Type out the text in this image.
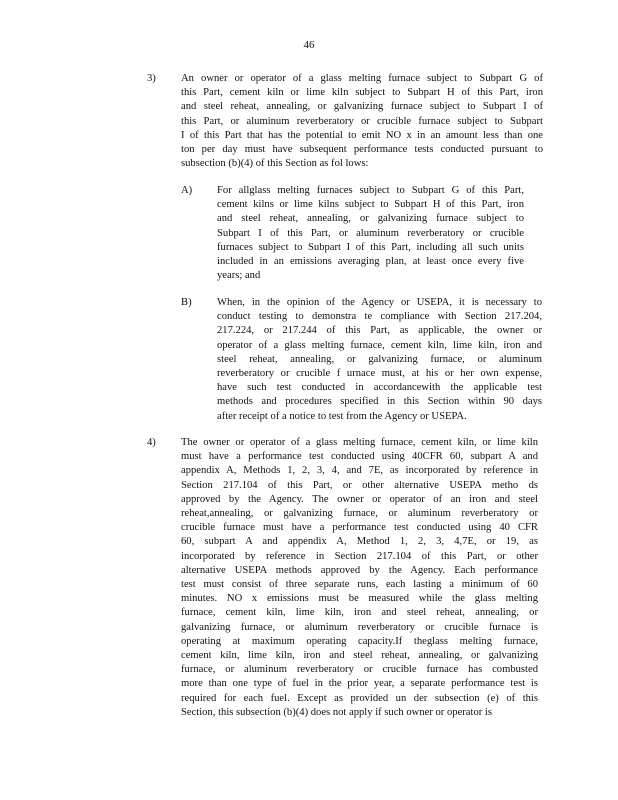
46
3) An owner or operator of a glass melting furnace subject to Subpart G of
this Part, cement kiln or lime kiln subject to Subpart H of this Part, iron
and steel reheat, annealing, or galvanizing furnace subject to Subpart I of
this Part, or aluminum reverberatory or crucible furnace subject to Subpart
I of this Part that has the potential to emit NO x in an amount less than one
ton per day must have subsequent performance tests conducted pursuant to
subsection (b)(4) of this Section as fol lows:
A) For allglass melting furnaces subject to Subpart G of this Part,
cement kilns or lime kilns subject to Subpart H of this Part, iron
and steel reheat, annealing, or galvanizing furnace subject to
Subpart I of this Part, or aluminum reverberatory or crucible
furnaces subject to Subpart I of this Part, including all such units
included in an emissions averaging plan, at least once every five
years; and
B) When, in the opinion of the Agency or USEPA, it is necessary to
conduct testing to demonstra te compliance with Section 217.204,
217.224, or 217.244 of this Part, as applicable, the owner or
operator of a glass melting furnace, cement kiln, lime kiln, iron and
steel reheat, annealing, or galvanizing furnace, or aluminum
reverberatory or crucible f urnace must, at his or her own expense,
have such test conducted in accordancewith the applicable test
methods and procedures specified in this Section within 90 days
after receipt of a notice to test from the Agency or USEPA.
4) The owner or operator of a glass melting furnace, cement kiln, or lime kiln
must have a performance test conducted using 40CFR 60, subpart A and
appendix A, Methods 1, 2, 3, 4, and 7E, as incorporated by reference in
Section 217.104 of this Part, or other alternative USEPA metho ds
approved by the Agency. The owner or operator of an iron and steel
reheat,annealing, or galvanizing furnace, or aluminum reverberatory or
crucible furnace must have a performance test conducted using 40 CFR
60, subpart A and appendix A, Method 1, 2, 3, 4,7E, or 19, as
incorporated by reference in Section 217.104 of this Part, or other
alternative USEPA methods approved by the Agency. Each performance
test must consist of three separate runs, each lasting a minimum of 60
minutes. NO x emissions must be measured while the glass melting
furnace, cement kiln, lime kiln, iron and steel reheat, annealing, or
galvanizing furnace, or aluminum reverberatory or crucible furnace is
operating at maximum operating capacity.If theglass melting furnace,
cement kiln, lime kiln, iron and steel reheat, annealing, or galvanizing
furnace, or aluminum reverberatory or crucible furnace has combusted
more than one type of fuel in the prior year, a separate performance test is
required for each fuel. Except as provided un der subsection (e) of this
Section, this subsection (b)(4) does not apply if such owner or operator is
